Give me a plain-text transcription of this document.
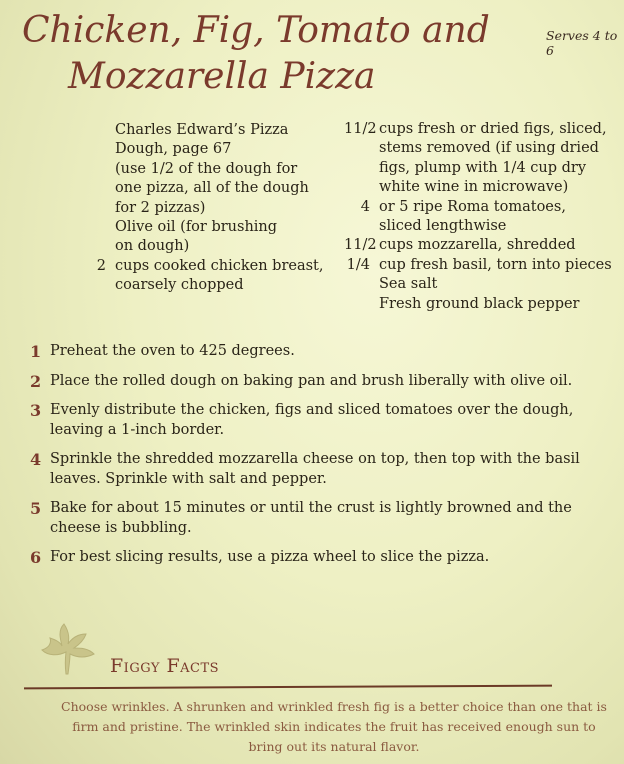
Chicken, Fig, Tomato and
Mozzarella Pizza
Serves 4 to 6
Charles Edward’s Pizza
Dough, page 67
(use 1/2 of the dough for
one pizza, all of the dough
for 2 pizzas)
Olive oil (for brushing
on dough)
2 cups cooked chicken breast,
coarsely chopped
11/2 cups fresh or dried figs, sliced,
stems removed (if using dried
figs, plump with 1/4 cup dry
white wine in microwave)
4 or 5 ripe Roma tomatoes,
sliced lengthwise
11/2 cups mozzarella, shredded
1/4 cup fresh basil, torn into pieces
Sea salt
Fresh ground black pepper
1 Preheat the oven to 425 degrees.
2 Place the rolled dough on baking pan and brush liberally with olive oil.
3 Evenly distribute the chicken, figs and sliced tomatoes over the dough, leaving a 1-inch border.
4 Sprinkle the shredded mozzarella cheese on top, then top with the basil leaves. Sprinkle with salt and pepper.
5 Bake for about 15 minutes or until the crust is lightly browned and the cheese is bubbling.
6 For best slicing results, use a pizza wheel to slice the pizza.
Figgy Facts
Choose wrinkles. A shrunken and wrinkled fresh fig is a better choice than one that is firm and pristine. The wrinkled skin indicates the fruit has received enough sun to bring out its natural flavor.
